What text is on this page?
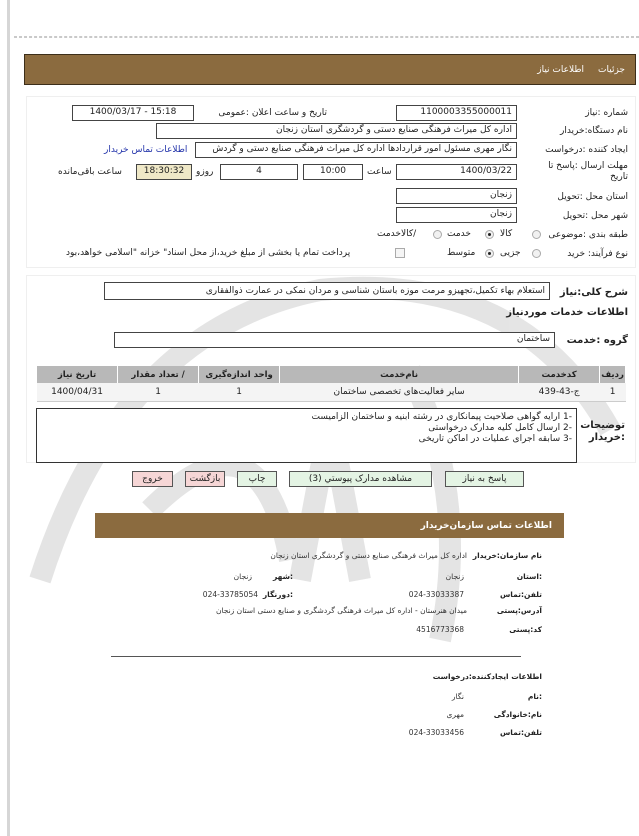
جزئیات
اطلاعات نیاز
شماره :نیاز
1100003355000011
تاریخ و ساعت اعلان :عمومی
1400/03/17 - 15:18
نام دستگاه:خریدار
اداره کل میراث فرهنگی صنایع دستی و گردشگری استان زنجان
ایجاد کننده :درخواست
نگار مهری مسئول امور قراردادها اداره کل میراث فرهنگی صنایع دستی و گردش
اطلاعات تماس خریدار
مهلت ارسال :پاسخ تا تاریخ
1400/03/22
ساعت
10:00
4
روزو
18:30:32
ساعت باقی‌مانده
استان محل :تحویل
زنجان
شهر محل :تحویل
زنجان
طبقه بندی :موضوعی
کالا
خدمت
/کالاخدمت
نوع فرآیند: خرید
جزیی
متوسط
پرداخت تمام یا بخشی از مبلغ خرید،از محل اسناد" خزانه "اسلامی خواهد،بود
شرح کلی:نیاز
استعلام بهاء تکمیل،تجهیزو مرمت موزه باستان شناسی و مردان نمکی در عمارت ذوالفقاری
اطلاعات خدمات موردنیاز
گروه :خدمت
ساختمان
ردیف	کدخدمت	نام‌خدمت	واحد اندازه‌گیری	/ تعداد مقدار	تاریخ نیاز
1	ج-43-439	سایر فعالیت‌های تخصصی ساختمان	1	1	1400/04/31
توضیحات
:خریدار
-1 ارایه گواهی صلاحیت پیمانکاری در رشته ابنیه و ساختمان الزامیست
-2 ارسال کامل کلیه مدارک درخواستی
-3 سابقه اجرای عملیات در اماکن تاریخی
پاسخ به نیاز
مشاهده مدارک پیوستي (3)
چاپ
بازگشت
خروج
اطلاعات تماس سازمان‌خریدار
نام سازمان:خریدار
اداره کل میراث فرهنگی صنایع دستی و گردشگری استان زنجان
:استان
زنجان
:شهر
زنجان
تلفن:تماس
024-33033387
:دورنگار
024-33785054
آدرس:پستی
میدان هنرستان - اداره کل میراث فرهنگی گردشگری و صنایع دستی استان زنجان
کد:پستی
4516773368
اطلاعات ایجادکننده:درخواست
:نام
نگار
نام:خانوادگی
مهری
تلفن:تماس
024-33033456
